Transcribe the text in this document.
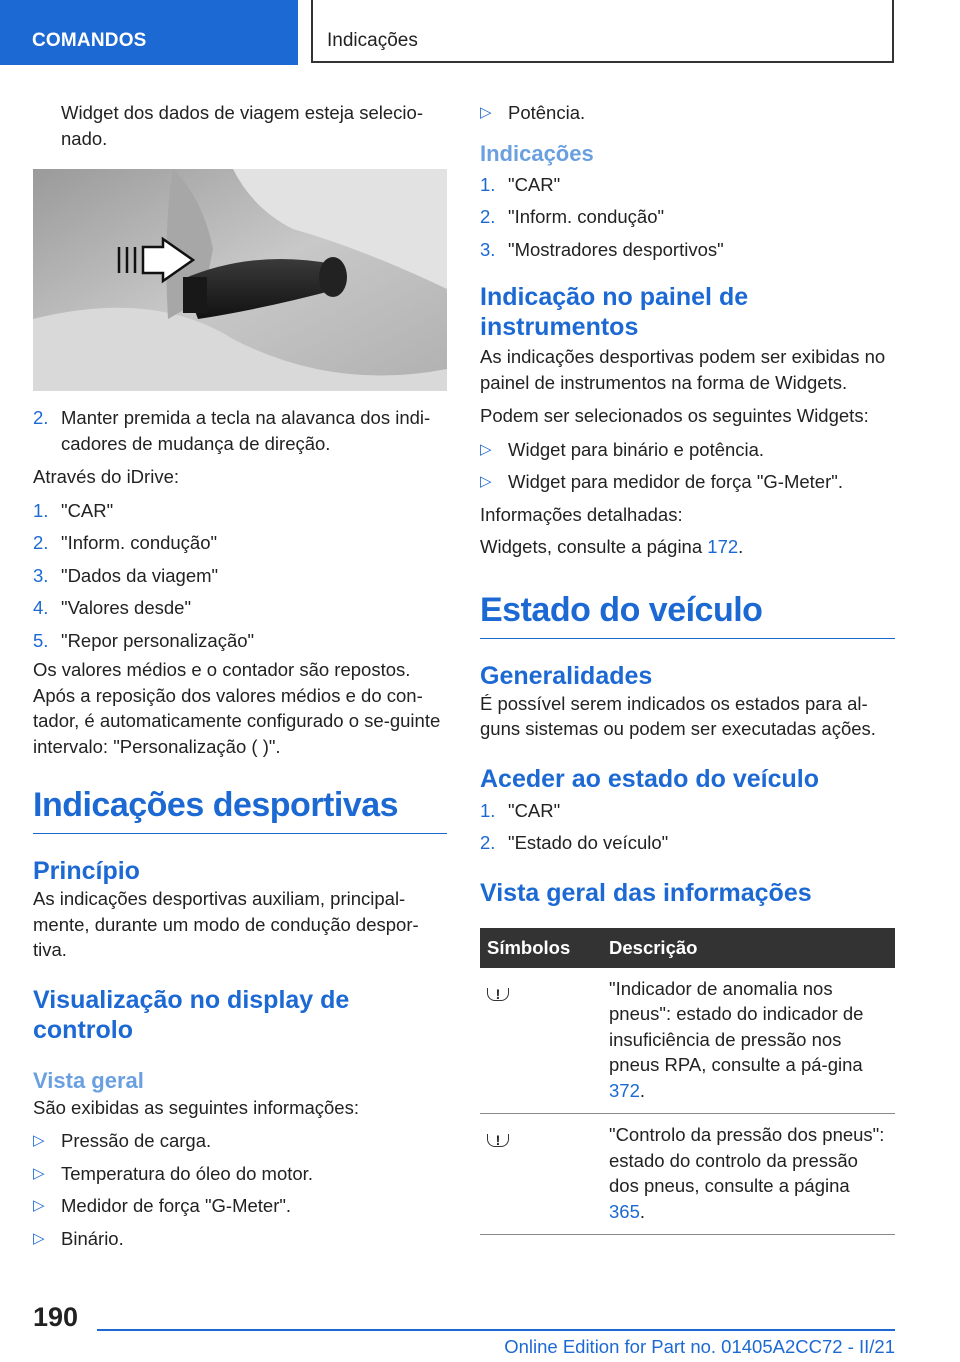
COMANDOS	Indicações

Widget dos dados de viagem esteja selecio-nado.

2. Manter premida a tecla na alavanca dos indi-cadores de mudança de direção.

Através do iDrive:

1. "CAR"
2. "Inform. condução"
3. "Dados da viagem"
4. "Valores desde"
5. "Repor personalização"

Os valores médios e o contador são repostos. Após a reposição dos valores médios e do con-tador, é automaticamente configurado o se-guinte intervalo: "Personalização ( )".

Indicações desportivas
Princípio

As indicações desportivas auxiliam, principal-mente, durante um modo de condução despor-tiva.

Visualização no display de controlo
Vista geral

São exibidas as seguintes informações:

▷ Pressão de carga.
▷ Temperatura do óleo do motor.
▷ Medidor de força "G-Meter".
▷ Binário.
▷ Potência.
Indicações
1. "CAR"
2. "Inform. condução"
3. "Mostradores desportivos"
Indicação no painel de instrumentos

As indicações desportivas podem ser exibidas no painel de instrumentos na forma de Widgets.

Podem ser selecionados os seguintes Widgets:

▷ Widget para binário e potência.
▷ Widget para medidor de força "G-Meter".

Informações detalhadas:

Widgets, consulte a página 172.

Estado do veículo
Generalidades

É possível serem indicados os estados para al-guns sistemas ou podem ser executadas ações.

Aceder ao estado do veículo
1. "CAR"
2. "Estado do veículo"
Vista geral das informações
Símbolos	Descrição
!	"Indicador de anomalia nos pneus": estado do indicador de insuficiência de pressão nos pneus RPA, consulte a pá-gina 372.
!	"Controlo da pressão dos pneus": estado do controlo da pressão dos pneus, consulte a página 365.
190
Online Edition for Part no. 01405A2CC72 - II/21
